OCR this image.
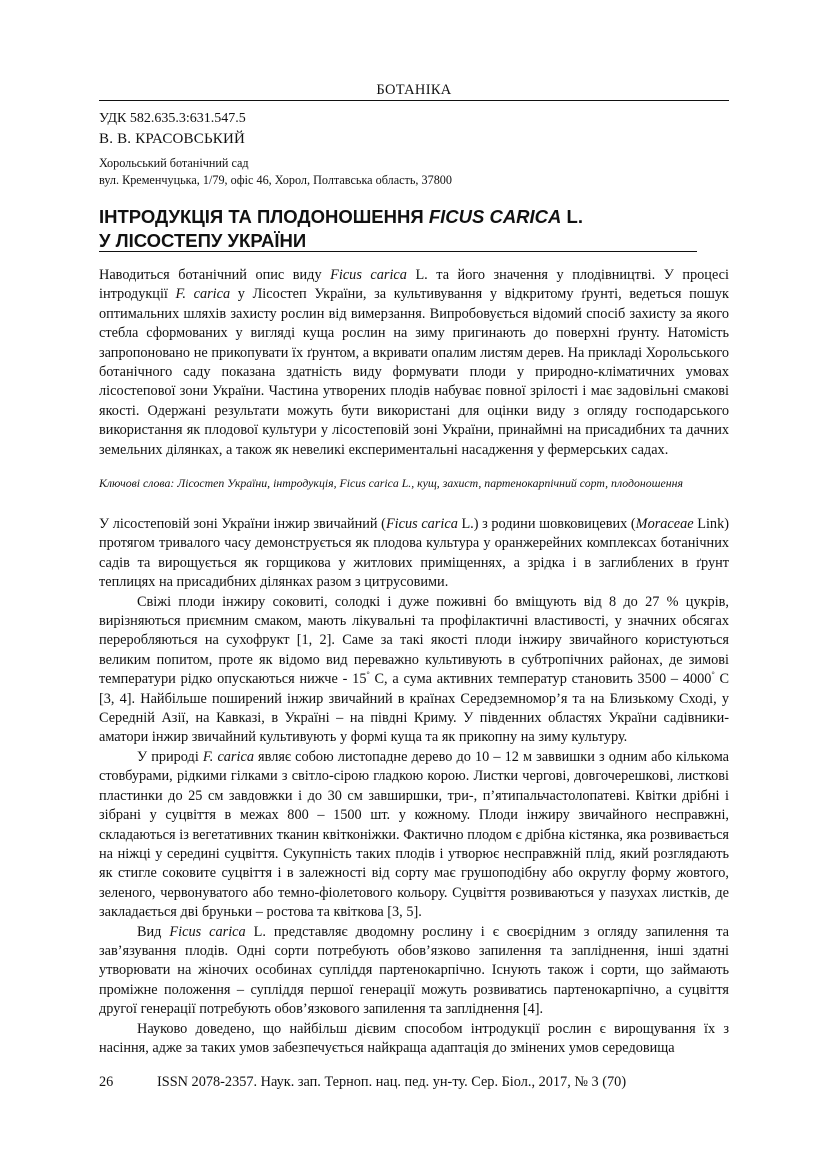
БОТАНІКА
УДК 582.635.3:631.547.5
В. В. КРАСОВСЬКИЙ
Хорольський ботанічний сад
вул. Кременчуцька, 1/79, офіс 46, Хорол, Полтавська область, 37800
ІНТРОДУКЦІЯ ТА ПЛОДОНОШЕННЯ FICUS CARICA L.
У ЛІСОСТЕПУ УКРАЇНИ

Наводиться ботанічний опис виду Ficus carica L. та його значення у плодівництві. У процесі інтродукції F. carica у Лісостеп України, за культивування у відкритому ґрунті, ведеться пошук оптимальних шляхів захисту рослин від вимерзання. Випробовується відомий спосіб захисту за якого стебла сформованих у вигляді куща рослин на зиму пригинають до поверхні ґрунту. Натомість запропоновано не прикопувати їх ґрунтом, а вкривати опалим листям дерев. На прикладі Хорольського ботанічного саду показана здатність виду формувати плоди у природно-кліматичних умовах лісостепової зони України. Частина утворених плодів набуває повної зрілості і має задовільні смакові якості. Одержані результати можуть бути використані для оцінки виду з огляду господарського використання як плодової культури у лісостеповій зоні України, принаймні на присадибних та дачних земельних ділянках, а також як невеликі експериментальні насадження у фермерських садах.

Ключові слова: Лісостеп України, інтродукція, Ficus carica L., кущ, захист, партенокарпічний сорт, плодоношення

У лісостеповій зоні України інжир звичайний (Ficus carica L.) з родини шовковицевих (Moraceae Link) протягом тривалого часу демонструється як плодова культура у оранжерейних комплексах ботанічних садів та вирощується як горщикова у житлових приміщеннях, а зрідка і в заглиблених в ґрунт теплицях на присадибних ділянках разом з цитрусовими.

Свіжі плоди інжиру соковиті, солодкі і дуже поживні бо вміщують від 8 до 27 % цукрів, вирізняються приємним смаком, мають лікувальні та профілактичні властивості, у значних обсягах переробляються на сухофрукт [1, 2]. Саме за такі якості плоди інжиру звичайного користуються великим попитом, проте як відомо вид переважно культивують в субтропічних районах, де зимові температури рідко опускаються нижче - 15° С, а сума активних температур становить 3500 – 4000° С [3, 4]. Найбільше поширений інжир звичайний в країнах Середземномор’я та на Близькому Сході, у Середній Азії, на Кавказі, в Україні – на півдні Криму. У південних областях України садівники-аматори інжир звичайний культивують у формі куща та як прикопну на зиму культуру.

У природі F. carica являє собою листопадне дерево до 10 – 12 м заввишки з одним або кількома стовбурами, рідкими гілками з світло-сірою гладкою корою. Листки чергові, довгочерешкові, листкові пластинки до 25 см завдовжки і до 30 см завширшки, три-, п’ятипальчастолопатеві. Квітки дрібні і зібрані у суцвіття в межах 800 – 1500 шт. у кожному. Плоди інжиру звичайного несправжні, складаються із вегетативних тканин квітконіжки. Фактично плодом є дрібна кістянка, яка розвивається на ніжці у середині суцвіття. Сукупність таких плодів і утворює несправжній плід, який розглядають як стигле соковите суцвіття і в залежності від сорту має грушоподібну або округлу форму жовтого, зеленого, червонуватого або темно-фіолетового кольору. Суцвіття розвиваються у пазухах листків, де закладається дві бруньки – ростова та квіткова [3, 5].

Вид Ficus carica L. представляє дводомну рослину і є своєрідним з огляду запилення та зав’язування плодів. Одні сорти потребують обов’язково запилення та запліднення, інші здатні утворювати на жіночих особинах супліддя партенокарпічно. Існують також і сорти, що займають проміжне положення – супліддя першої генерації можуть розвиватись партенокарпічно, а суцвіття другої генерації потребують обов’язкового запилення та запліднення [4].

Науково доведено, що найбільш дієвим способом інтродукції рослин є вирощування їх з насіння, адже за таких умов забезпечується найкраща адаптація до змінених умов середовища

26	ISSN 2078-2357. Наук. зап. Терноп. нац. пед. ун-ту. Сер. Біол., 2017, № 3 (70)
